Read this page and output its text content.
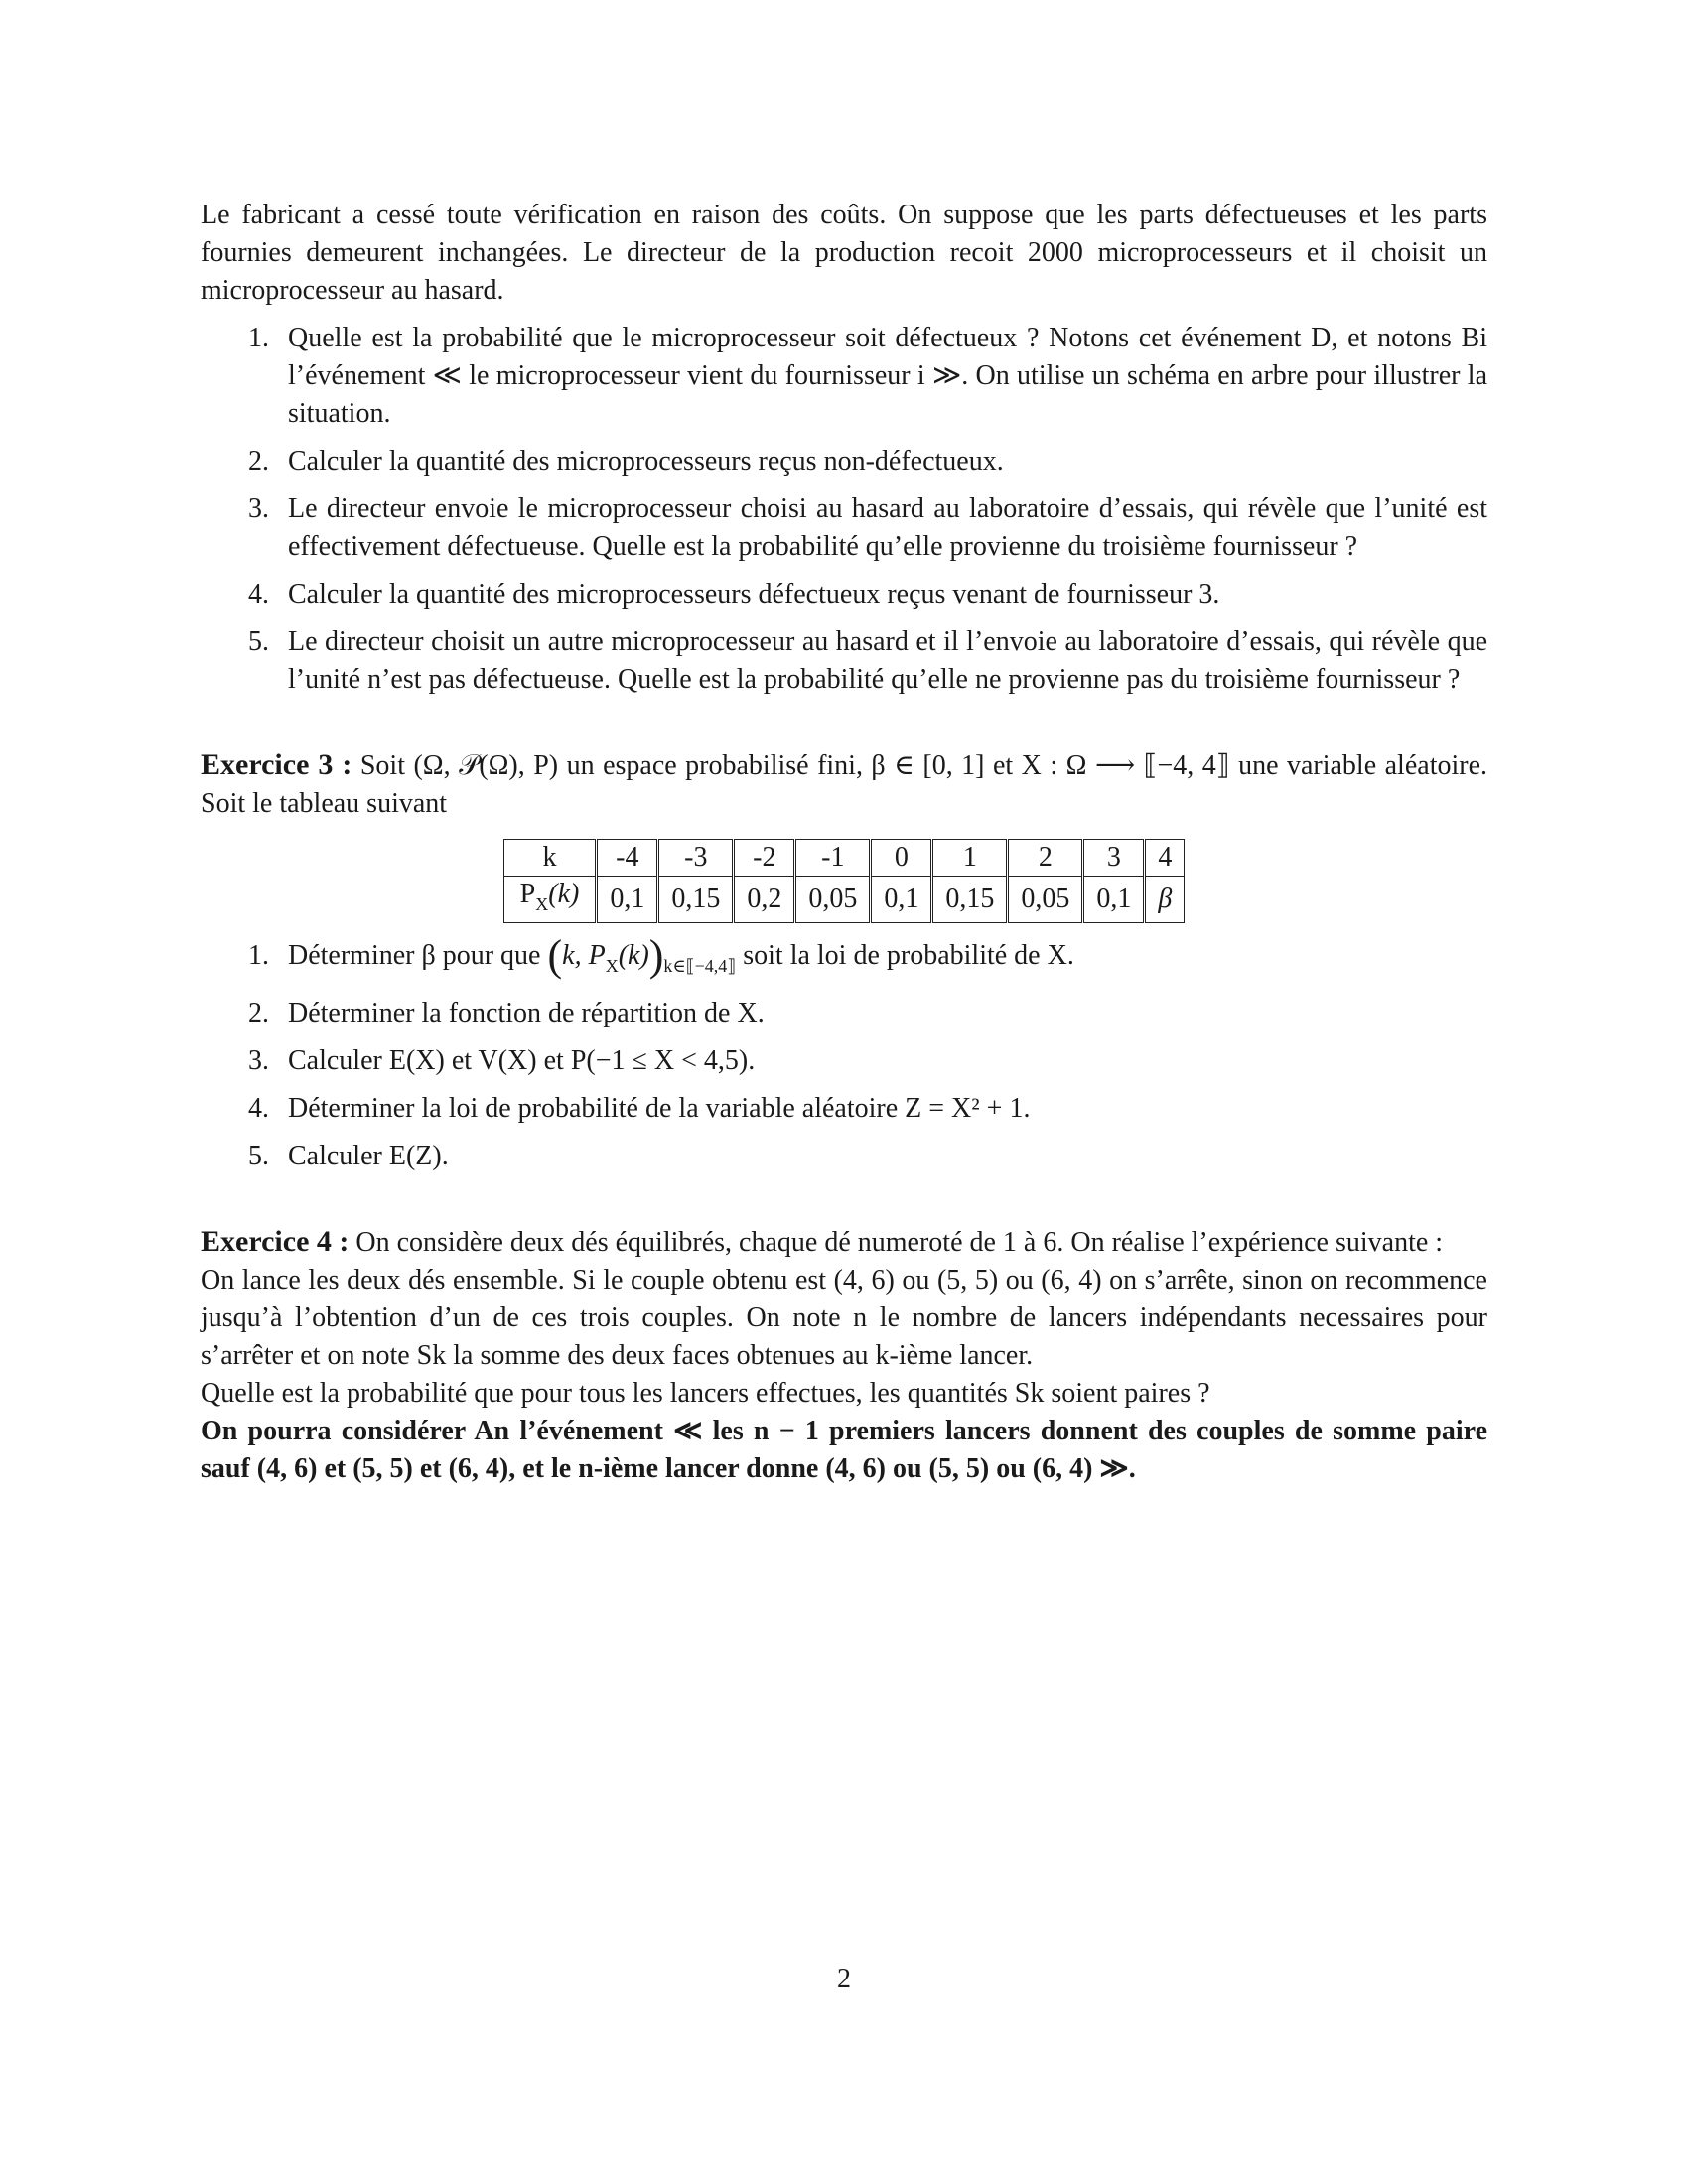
Le fabricant a cessé toute vérification en raison des coûts. On suppose que les parts défectueuses et les parts fournies demeurent inchangées. Le directeur de la production recoit 2000 microprocesseurs et il choisit un microprocesseur au hasard.

1. Quelle est la probabilité que le microprocesseur soit défectueux ? Notons cet événement D, et notons Bi l’événement ≪ le microprocesseur vient du fournisseur i ≫. On utilise un schéma en arbre pour illustrer la situation.
2. Calculer la quantité des microprocesseurs reçus non-défectueux.
3. Le directeur envoie le microprocesseur choisi au hasard au laboratoire d’essais, qui révèle que l’unité est effectivement défectueuse. Quelle est la probabilité qu’elle provienne du troisième fournisseur ?
4. Calculer la quantité des microprocesseurs défectueux reçus venant de fournisseur 3.
5. Le directeur choisit un autre microprocesseur au hasard et il l’envoie au laboratoire d’essais, qui révèle que l’unité n’est pas défectueuse. Quelle est la probabilité qu’elle ne provienne pas du troisième fournisseur ?

Exercice 3 : Soit (Ω, 𝒫(Ω), P) un espace probabilisé fini, β ∈ [0, 1] et X : Ω ⟶ ⟦−4, 4⟧ une variable aléatoire. Soit le tableau suivant

k	-4	-3	-2	-1	0	1	2	3	4
$P_X(k)$	0,1	0,15	0,2	0,05	0,1	0,15	0,05	0,1	β
1. Déterminer β pour que (k, $P_X(k))_{k\in⟦-4,4⟧}$ soit la loi de probabilité de X.
2. Déterminer la fonction de répartition de X.
3. Calculer E(X) et V(X) et P(−1 ≤ X < 4,5).
4. Déterminer la loi de probabilité de la variable aléatoire Z = X² + 1.
5. Calculer E(Z).

Exercice 4 : On considère deux dés équilibrés, chaque dé numeroté de 1 à 6. On réalise l’expérience suivante :

On lance les deux dés ensemble. Si le couple obtenu est (4, 6) ou (5, 5) ou (6, 4) on s’arrête, sinon on recommence jusqu’à l’obtention d’un de ces trois couples. On note n le nombre de lancers indépendants necessaires pour s’arrêter et on note Sk la somme des deux faces obtenues au k-ième lancer.

Quelle est la probabilité que pour tous les lancers effectues, les quantités Sk soient paires ?

On pourra considérer An l’événement ≪ les n − 1 premiers lancers donnent des couples de somme paire sauf (4, 6) et (5, 5) et (6, 4), et le n-ième lancer donne (4, 6) ou (5, 5) ou (6, 4) ≫.

2
